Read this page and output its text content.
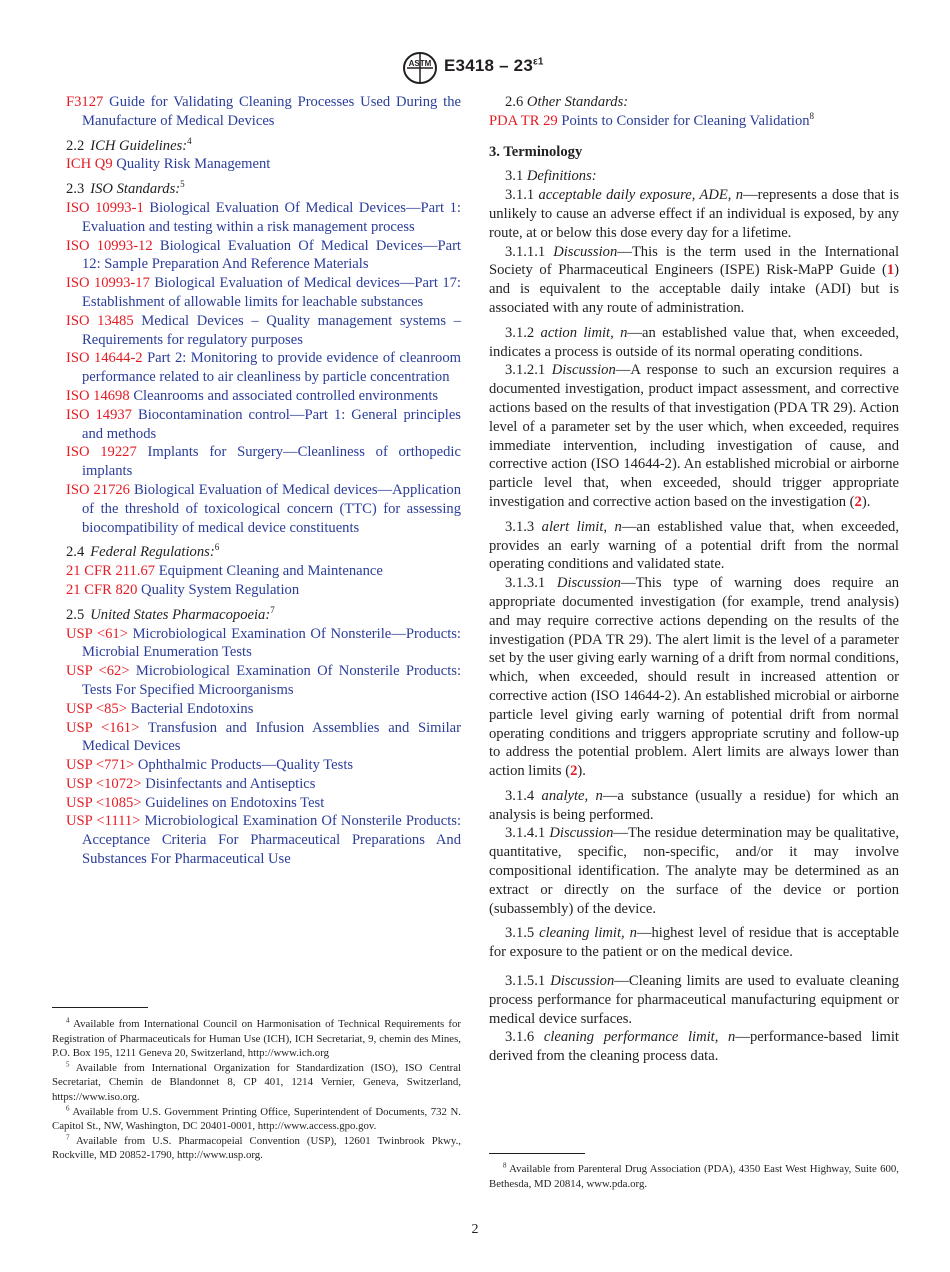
ASTM $E3418 - 23^{\varepsilon 1}$

F3127 Guide for Validating Cleaning Processes Used During the Manufacture of Medical Devices

2.2 ICH Guidelines:$^4$

ICH Q9 Quality Risk Management

2.3 ISO Standards:$^5$

ISO 10993-1 Biological Evaluation Of Medical Devices—Part 1: Evaluation and testing within a risk management process

ISO 10993-12 Biological Evaluation Of Medical Devices—Part 12: Sample Preparation And Reference Materials

ISO 10993-17 Biological Evaluation of Medical devices—Part 17: Establishment of allowable limits for leachable substances

ISO 13485 Medical Devices – Quality management systems – Requirements for regulatory purposes

ISO 14644-2 Part 2: Monitoring to provide evidence of cleanroom performance related to air cleanliness by particle concentration

ISO 14698 Cleanrooms and associated controlled environments

ISO 14937 Biocontamination control—Part 1: General principles and methods

ISO 19227 Implants for Surgery—Cleanliness of orthopedic implants

ISO 21726 Biological Evaluation of Medical devices—Application of the threshold of toxicological concern (TTC) for assessing biocompatibility of medical device constituents

2.4 Federal Regulations:$^6$

21 CFR 211.67 Equipment Cleaning and Maintenance

21 CFR 820 Quality System Regulation

2.5 United States Pharmacopoeia:$^7$

USP <61> Microbiological Examination Of Nonsterile—Products: Microbial Enumeration Tests

USP <62> Microbiological Examination Of Nonsterile Products: Tests For Specified Microorganisms

USP <85> Bacterial Endotoxins

USP <161> Transfusion and Infusion Assemblies and Similar Medical Devices

USP <771> Ophthalmic Products—Quality Tests

USP <1072> Disinfectants and Antiseptics

USP <1085> Guidelines on Endotoxins Test

USP <1111> Microbiological Examination Of Nonsterile Products: Acceptance Criteria For Pharmaceutical Preparations And Substances For Pharmaceutical Use

$^4$ Available from International Council on Harmonisation of Technical Requirements for Registration of Pharmaceuticals for Human Use (ICH), ICH Secretariat, 9, chemin des Mines, P.O. Box 195, 1211 Geneva 20, Switzerland, http://www.ich.org

$^5$ Available from International Organization for Standardization (ISO), ISO Central Secretariat, Chemin de Blandonnet 8, CP 401, 1214 Vernier, Geneva, Switzerland, https://www.iso.org.

$^6$ Available from U.S. Government Printing Office, Superintendent of Documents, 732 N. Capitol St., NW, Washington, DC 20401-0001, http://www.access.gpo.gov.

$^7$ Available from U.S. Pharmacopeial Convention (USP), 12601 Twinbrook Pkwy., Rockville, MD 20852-1790, http://www.usp.org.

2.6 Other Standards:

PDA TR 29 Points to Consider for Cleaning Validation$^8$

3. Terminology

3.1 Definitions:

3.1.1 acceptable daily exposure, ADE, n—represents a dose that is unlikely to cause an adverse effect if an individual is exposed, by any route, at or below this dose every day for a lifetime.

3.1.1.1 Discussion—This is the term used in the International Society of Pharmaceutical Engineers (ISPE) Risk-MaPP Guide (1) and is equivalent to the acceptable daily intake (ADI) but is associated with any route of administration.

3.1.2 action limit, n—an established value that, when exceeded, indicates a process is outside of its normal operating conditions.

3.1.2.1 Discussion—A response to such an excursion requires a documented investigation, product impact assessment, and corrective actions based on the results of that investigation (PDA TR 29). Action level of a parameter set by the user which, when exceeded, requires immediate intervention, including investigation of cause, and corrective action (ISO 14644-2). An established microbial or airborne particle level that, when exceeded, should trigger appropriate investigation and corrective action based on the investigation (2).

3.1.3 alert limit, n—an established value that, when exceeded, provides an early warning of a potential drift from the normal operating conditions and validated state.

3.1.3.1 Discussion—This type of warning does require an appropriate documented investigation (for example, trend analysis) and may require corrective actions depending on the results of the investigation (PDA TR 29). The alert limit is the level of a parameter set by the user giving early warning of a drift from normal conditions, which, when exceeded, should result in increased attention or corrective action (ISO 14644-2). An established microbial or airborne particle level giving early warning of potential drift from normal operating conditions and triggers appropriate scrutiny and follow-up to address the potential problem. Alert limits are always lower than action limits (2).

3.1.4 analyte, n—a substance (usually a residue) for which an analysis is being performed.

3.1.4.1 Discussion—The residue determination may be qualitative, quantitative, specific, non-specific, and/or it may involve compositional identification. The analyte may be determined as an extract or directly on the surface of the device or portion (subassembly) of the device.

3.1.5 cleaning limit, n—highest level of residue that is acceptable for exposure to the patient or on the medical device.

3.1.5.1 Discussion—Cleaning limits are used to evaluate cleaning process performance for pharmaceutical manufacturing equipment or medical device surfaces.

3.1.6 cleaning performance limit, n—performance-based limit derived from the cleaning process data.

$^8$ Available from Parenteral Drug Association (PDA), 4350 East West Highway, Suite 600, Bethesda, MD 20814, www.pda.org.

2
